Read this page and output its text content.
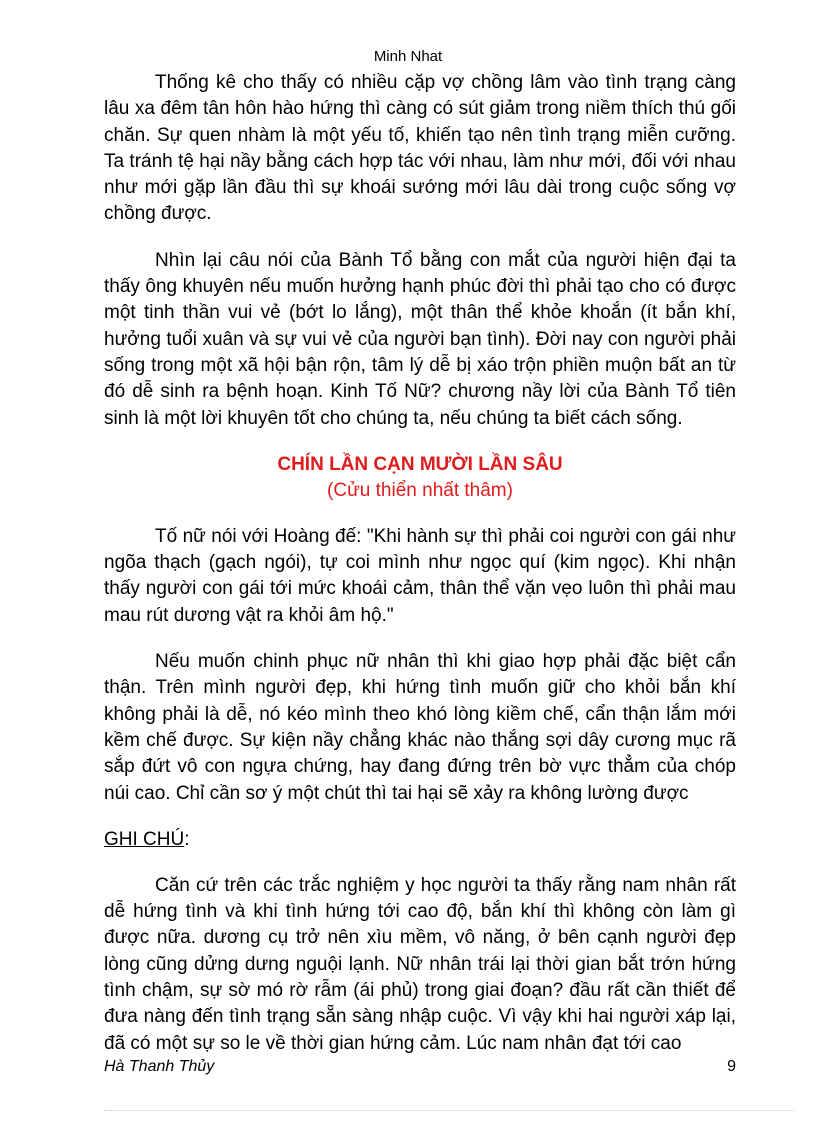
Minh Nhat

Thống kê cho thấy có nhiều cặp vợ chồng lâm vào tình trạng càng lâu xa đêm tân hôn hào hứng thì càng có sút giảm trong niềm thích thú gối chăn. Sự quen nhàm là một yếu tố, khiến tạo nên tình trạng miễn cưỡng. Ta tránh tệ hại nầy bằng cách hợp tác với nhau, làm như mới, đối với nhau như mới gặp lần đầu thì sự khoái sướng mới lâu dài trong cuộc sống vợ chồng được.

Nhìn lại câu nói của Bành Tổ bằng con mắt của người hiện đại ta thấy ông khuyên nếu muốn hưởng hạnh phúc đời thì phải tạo cho có được một tinh thần vui vẻ (bớt lo lắng), một thân thể khỏe khoắn (ít bắn khí, hưởng tuổi xuân và sự vui vẻ của người bạn tình). Đời nay con người phải sống trong một xã hội bận rộn, tâm lý dễ bị xáo trộn phiền muộn bất an từ đó dễ sinh ra bệnh hoạn. Kinh Tố Nữ? chương nầy lời của Bành Tổ tiên sinh là một lời khuyên tốt cho chúng ta, nếu chúng ta biết cách sống.

CHÍN LẦN CẠN MƯỜI LẦN SÂU

(Cửu thiển nhất thâm)

Tố nữ nói với Hoàng đế: "Khi hành sự thì phải coi người con gái như ngõa thạch (gạch ngói), tự coi mình như ngọc quí (kim ngọc). Khi nhận thấy người con gái tới mức khoái cảm, thân thể vặn vẹo luôn thì phải mau mau rút dương vật ra khỏi âm hộ."

Nếu muốn chinh phục nữ nhân thì khi giao hợp phải đặc biệt cẩn thận. Trên mình người đẹp, khi hứng tình muốn giữ cho khỏi bắn khí không phải là dễ, nó kéo mình theo khó lòng kiềm chế, cẩn thận lắm mới kềm chế được. Sự kiện nầy chẳng khác nào thắng sợi dây cương mục rã sắp đứt vô con ngựa chứng, hay đang đứng trên bờ vực thẳm của chóp núi cao. Chỉ cần sơ ý một chút thì tai hại sẽ xảy ra không lường được

GHI CHÚ:

Căn cứ trên các trắc nghiệm y học người ta thấy rằng nam nhân rất dễ hứng tình và khi tình hứng tới cao độ, bắn khí thì không còn làm gì được nữa. dương cụ trở nên xìu mềm, vô năng, ở bên cạnh người đẹp lòng cũng dửng dưng nguội lạnh. Nữ nhân trái lại thời gian bắt trớn hứng tình chậm, sự sờ mó rờ rẫm (ái phủ) trong giai đoạn? đầu rất cần thiết để đưa nàng đến tình trạng sẵn sàng nhập cuộc. Vì vậy khi hai người xáp lại, đã có một sự so le về thời gian hứng cảm. Lúc nam nhân đạt tới cao

Hà Thanh Thủy	9
